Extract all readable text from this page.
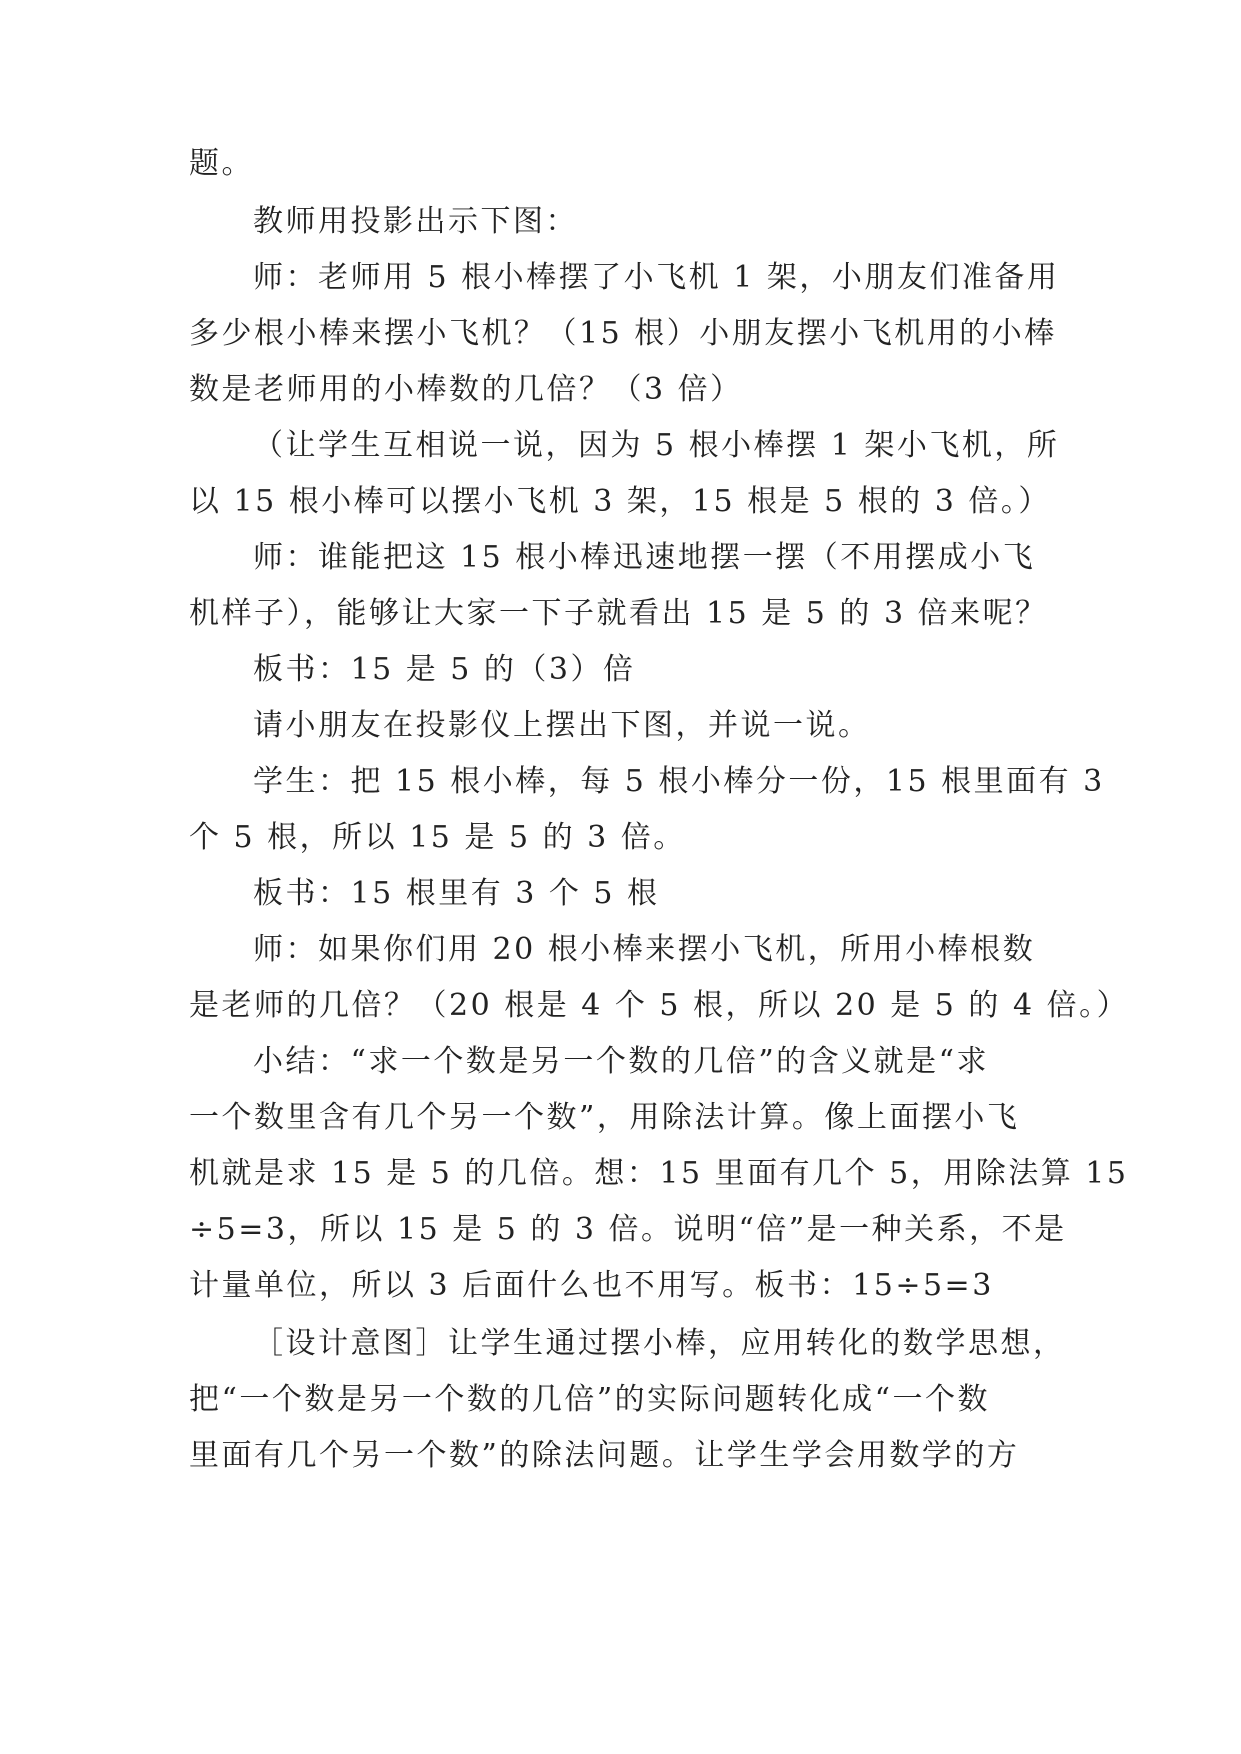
题。
教师用投影出示下图：
师：老师用 5 根小棒摆了小飞机 1 架，小朋友们准备用
多少根小棒来摆小飞机？（15 根）小朋友摆小飞机用的小棒
数是老师用的小棒数的几倍？（3 倍）
（让学生互相说一说，因为 5 根小棒摆 1 架小飞机，所
以 15 根小棒可以摆小飞机 3 架，15 根是 5 根的 3 倍。）
师：谁能把这 15 根小棒迅速地摆一摆（不用摆成小飞
机样子），能够让大家一下子就看出 15 是 5 的 3 倍来呢？
板书：15 是 5 的（3）倍
请小朋友在投影仪上摆出下图，并说一说。
学生：把 15 根小棒，每 5 根小棒分一份，15 根里面有 3
个 5 根，所以 15 是 5 的 3 倍。
板书：15 根里有 3 个 5 根
师：如果你们用 20 根小棒来摆小飞机，所用小棒根数
是老师的几倍？（20 根是 4 个 5 根，所以 20 是 5 的 4 倍。）
小结：“求一个数是另一个数的几倍”的含义就是“求
一个数里含有几个另一个数”，用除法计算。像上面摆小飞
机就是求 15 是 5 的几倍。想：15 里面有几个 5，用除法算 15
÷5=3，所以 15 是 5 的 3 倍。说明“倍”是一种关系，不是
计量单位，所以 3 后面什么也不用写。板书：15÷5=3
［设计意图］让学生通过摆小棒，应用转化的数学思想，
把“一个数是另一个数的几倍”的实际问题转化成“一个数
里面有几个另一个数”的除法问题。让学生学会用数学的方
